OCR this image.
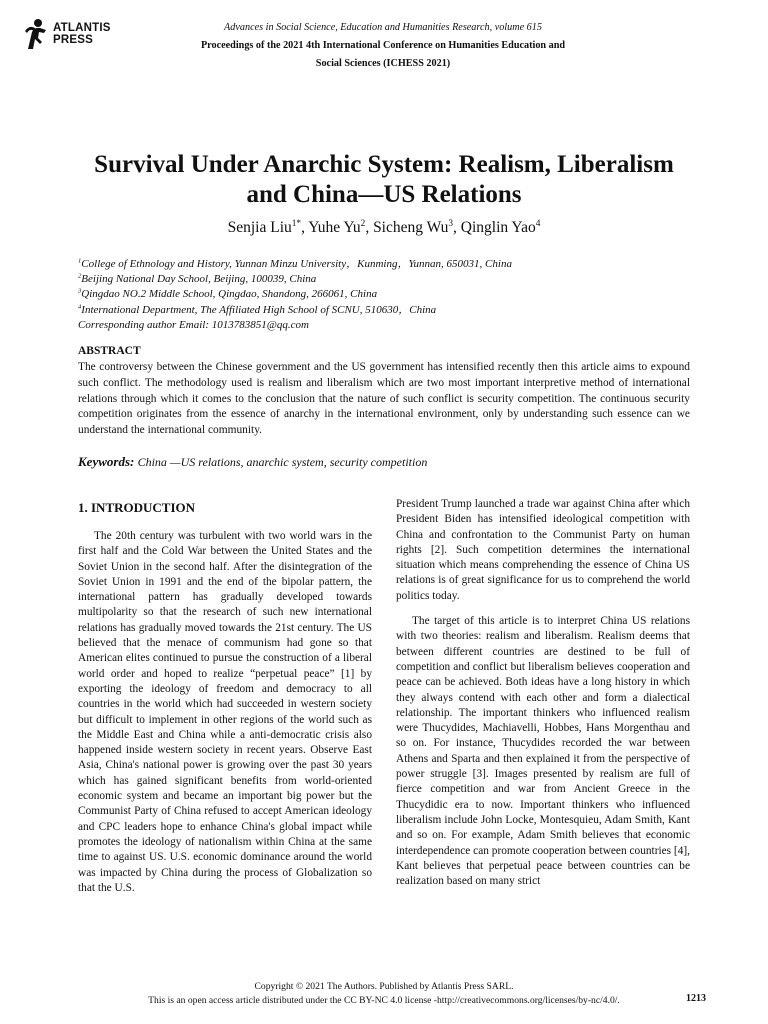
ATLANTIS
PRESS
Advances in Social Science, Education and Humanities Research, volume 615
Proceedings of the 2021 4th International Conference on Humanities Education and
Social Sciences (ICHESS 2021)
Survival Under Anarchic System: Realism, Liberalism
and China—US Relations
Senjia Liu$^{1*}$, Yuhe Yu$^2$, Sicheng Wu$^3$, Qinglin Yao$^4$
$^1$College of Ethnology and History, Yunnan Minzu University，Kunming，Yunnan, 650031, China
$^2$Beijing National Day School, Beijing, 100039, China
$^3$Qingdao NO.2 Middle School, Qingdao, Shandong, 266061, China
$^4$International Department, The Affiliated High School of SCNU, 510630，China
Corresponding author Email: 1013783851@qq.com
ABSTRACT
The controversy between the Chinese government and the US government has intensified recently then this article aims to expound such conflict. The methodology used is realism and liberalism which are two most important interpretive method of international relations through which it comes to the conclusion that the nature of such conflict is security competition. The continuous security competition originates from the essence of anarchy in the international environment, only by understanding such essence can we understand the international community.
Keywords: China —US relations, anarchic system, security competition
1. INTRODUCTION

The 20th century was turbulent with two world wars in the first half and the Cold War between the United States and the Soviet Union in the second half. After the disintegration of the Soviet Union in 1991 and the end of the bipolar pattern, the international pattern has gradually developed towards multipolarity so that the research of such new international relations has gradually moved towards the 21st century. The US believed that the menace of communism had gone so that American elites continued to pursue the construction of a liberal world order and hoped to realize “perpetual peace” [1] by exporting the ideology of freedom and democracy to all countries in the world which had succeeded in western society but difficult to implement in other regions of the world such as the Middle East and China while a anti-democratic crisis also happened inside western society in recent years. Observe East Asia, China's national power is growing over the past 30 years which has gained significant benefits from world-oriented economic system and became an important big power but the Communist Party of China refused to accept American ideology and CPC leaders hope to enhance China's global impact while promotes the ideology of nationalism within China at the same time to against US. U.S. economic dominance around the world was impacted by China during the process of Globalization so that the U.S.

President Trump launched a trade war against China after which President Biden has intensified ideological competition with China and confrontation to the Communist Party on human rights [2]. Such competition determines the international situation which means comprehending the essence of China US relations is of great significance for us to comprehend the world politics today.

The target of this article is to interpret China US relations with two theories: realism and liberalism. Realism deems that between different countries are destined to be full of competition and conflict but liberalism believes cooperation and peace can be achieved. Both ideas have a long history in which they always contend with each other and form a dialectical relationship. The important thinkers who influenced realism were Thucydides, Machiavelli, Hobbes, Hans Morgenthau and so on. For instance, Thucydides recorded the war between Athens and Sparta and then explained it from the perspective of power struggle [3]. Images presented by realism are full of fierce competition and war from Ancient Greece in the Thucydidic era to now. Important thinkers who influenced liberalism include John Locke, Montesquieu, Adam Smith, Kant and so on. For example, Adam Smith believes that economic interdependence can promote cooperation between countries [4], Kant believes that perpetual peace between countries can be realization based on many strict

Copyright © 2021 The Authors. Published by Atlantis Press SARL.
This is an open access article distributed under the CC BY-NC 4.0 license -http://creativecommons.org/licenses/by-nc/4.0/.	1213
